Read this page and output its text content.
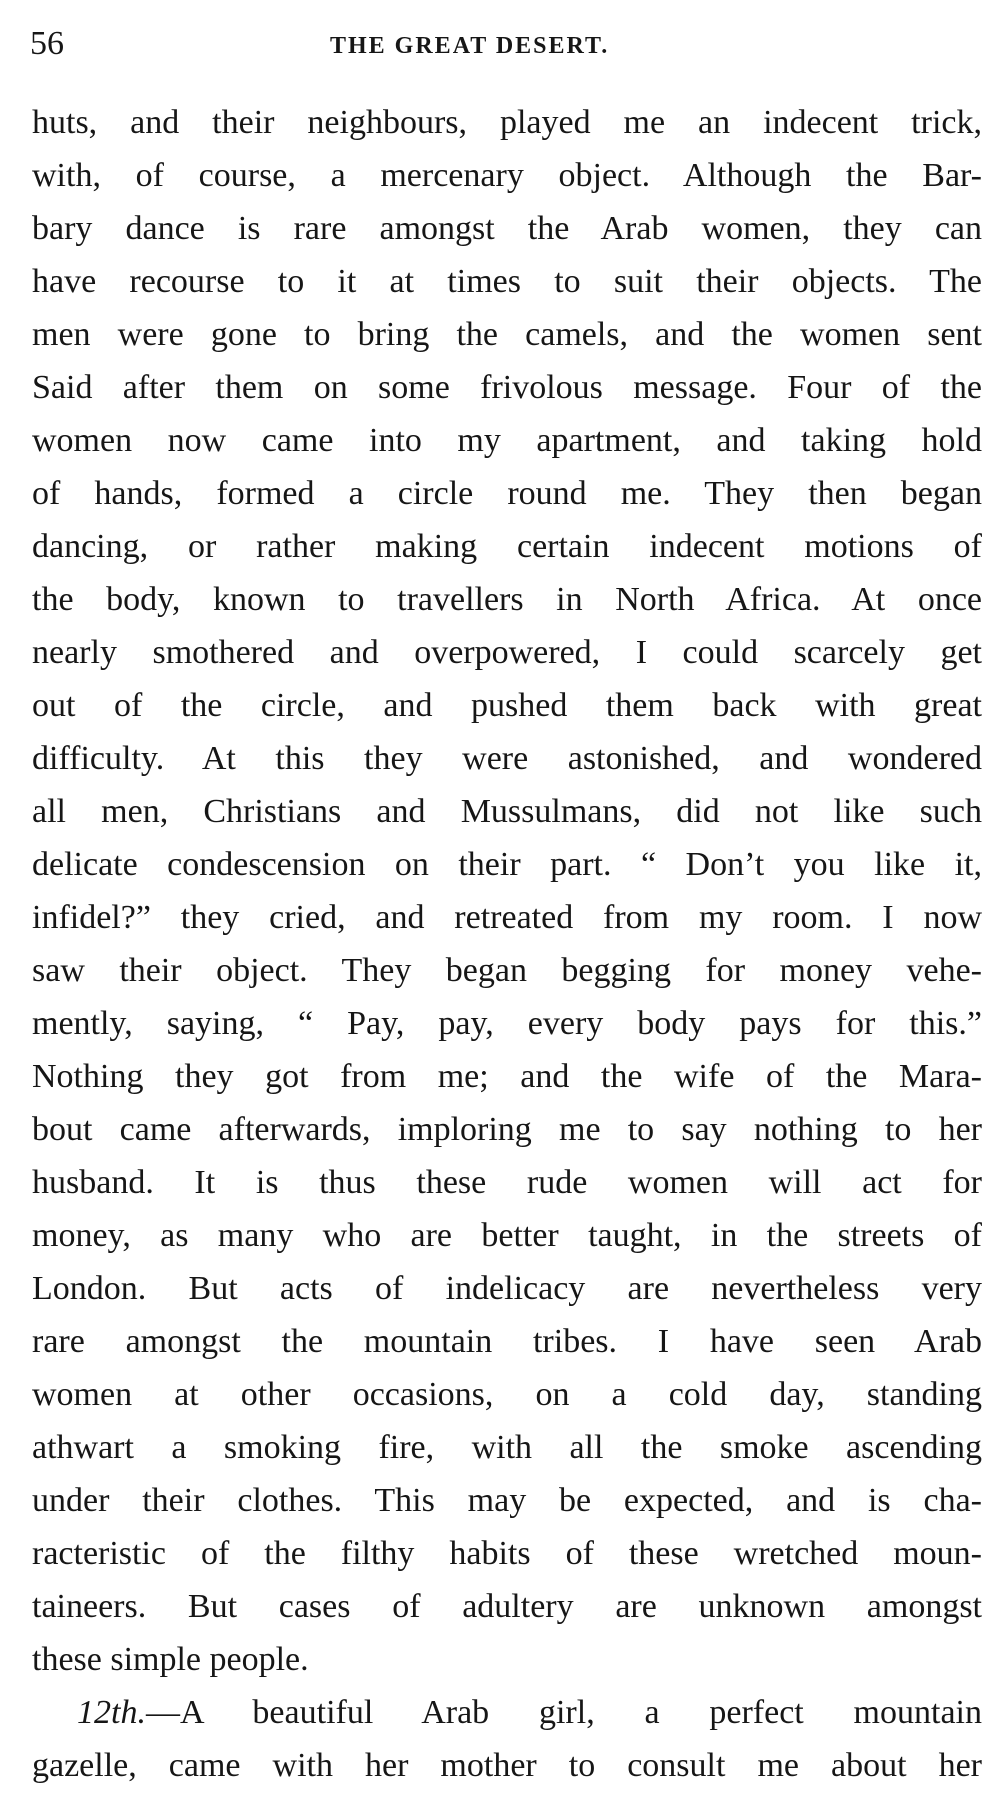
56	THE GREAT DESERT.
huts, and their neighbours, played me an indecent trick,
with, of course, a mercenary object. Although the Bar-
bary dance is rare amongst the Arab women, they can
have recourse to it at times to suit their objects. The
men were gone to bring the camels, and the women sent
Said after them on some frivolous message. Four of the
women now came into my apartment, and taking hold
of hands, formed a circle round me. They then began
dancing, or rather making certain indecent motions of
the body, known to travellers in North Africa. At once
nearly smothered and overpowered, I could scarcely get
out of the circle, and pushed them back with great
difficulty. At this they were astonished, and wondered
all men, Christians and Mussulmans, did not like such
delicate condescension on their part. “ Don’t you like it,
infidel?” they cried, and retreated from my room. I now
saw their object. They began begging for money vehe-
mently, saying, “ Pay, pay, every body pays for this.”
Nothing they got from me; and the wife of the Mara-
bout came afterwards, imploring me to say nothing to her
husband. It is thus these rude women will act for
money, as many who are better taught, in the streets of
London. But acts of indelicacy are nevertheless very
rare amongst the mountain tribes. I have seen Arab
women at other occasions, on a cold day, standing
athwart a smoking fire, with all the smoke ascending
under their clothes. This may be expected, and is cha-
racteristic of the filthy habits of these wretched moun-
taineers. But cases of adultery are unknown amongst
these simple people.
12th.—A beautiful Arab girl, a perfect mountain
gazelle, came with her mother to consult me about her
